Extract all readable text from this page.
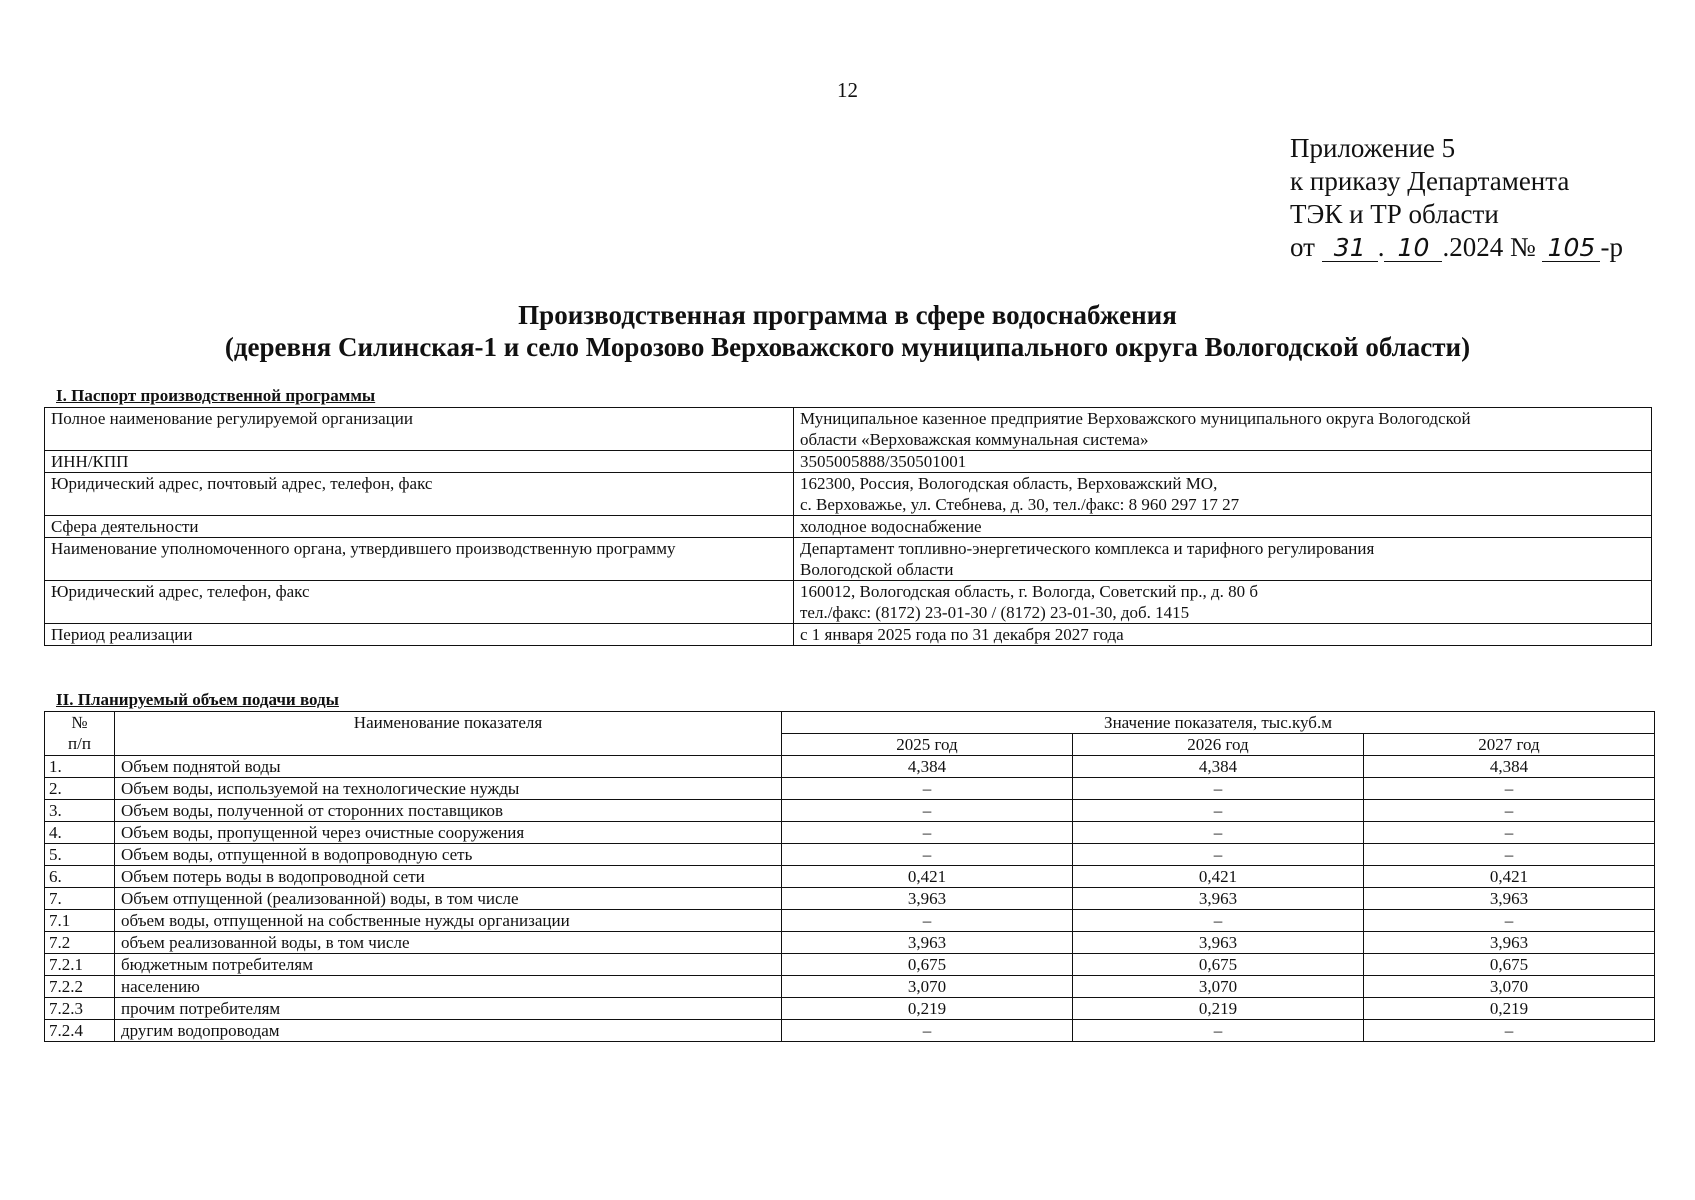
12
Приложение 5
к приказу Департамента
ТЭК и ТР области
от 31 . 10 .2024 № 105 -р
Производственная программа в сфере водоснабжения
(деревня Силинская-1 и село Морозово Верховажского муниципального округа Вологодской области)
I. Паспорт производственной программы
Полное наименование регулируемой организации	Муниципальное казенное предприятие Верховажского муниципального округа Вологодской
области «Верховажская коммунальная система»

ИНН/КПП	3505005888/350501001

Юридический адрес, почтовый адрес, телефон, факс	162300, Россия, Вологодская область, Верховажский МО,
с. Верховажье, ул. Стебнева, д. 30, тел./факс: 8 960 297 17 27

Сфера деятельности	холодное водоснабжение

Наименование уполномоченного органа, утвердившего производственную программу	Департамент топливно-энергетического комплекса и тарифного регулирования
Вологодской области

Юридический адрес, телефон, факс	160012, Вологодская область, г. Вологда, Советский пр., д. 80 б
тел./факс: (8172) 23-01-30 / (8172) 23-01-30, доб. 1415

Период реализации	с 1 января 2025 года по 31 декабря 2027 года
II. Планируемый объем подачи воды
№
п/п	Наименование показателя	Значение показателя, тыс.куб.м		
		2025 год	2026 год	2027 год
1.	Объем поднятой воды	4,384	4,384	4,384
2.	Объем воды, используемой на технологические нужды	–	–	–
3.	Объем воды, полученной от сторонних поставщиков	–	–	–
4.	Объем воды, пропущенной через очистные сооружения	–	–	–
5.	Объем воды, отпущенной в водопроводную сеть	–	–	–
6.	Объем потерь воды в водопроводной сети	0,421	0,421	0,421
7.	Объем отпущенной (реализованной) воды, в том числе	3,963	3,963	3,963
7.1	объем воды, отпущенной на собственные нужды организации	–	–	–
7.2	объем реализованной воды, в том числе	3,963	3,963	3,963
7.2.1	бюджетным потребителям	0,675	0,675	0,675
7.2.2	населению	3,070	3,070	3,070
7.2.3	прочим потребителям	0,219	0,219	0,219
7.2.4	другим водопроводам	–	–	–
